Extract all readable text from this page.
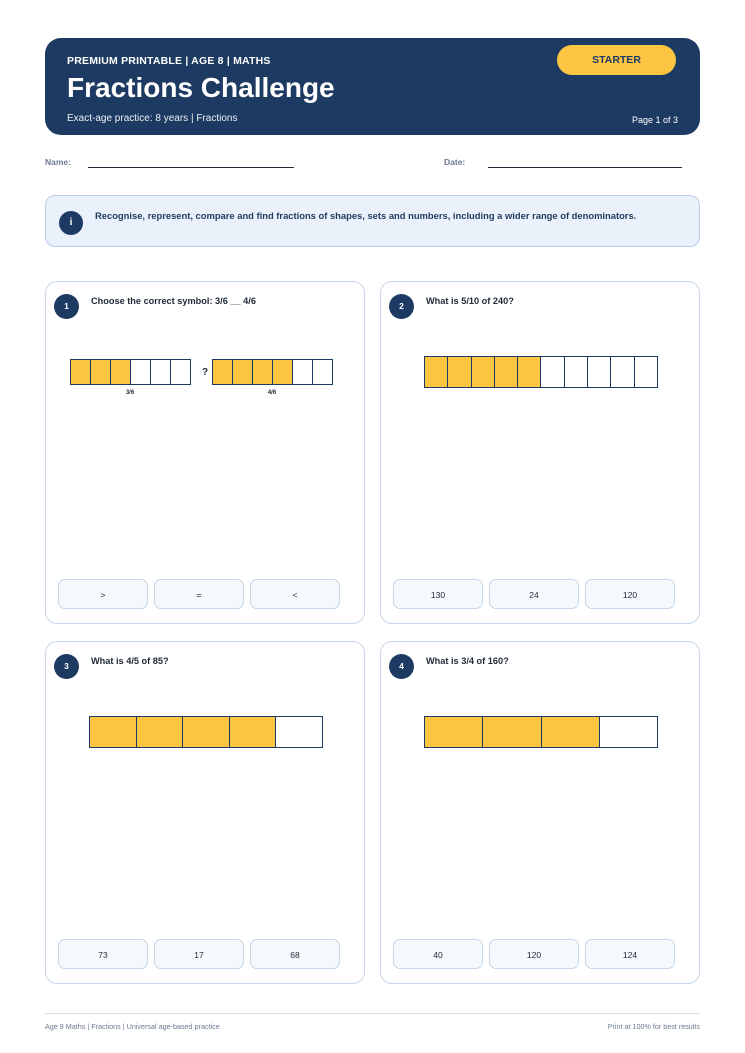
PREMIUM PRINTABLE | AGE 8 | MATHS
Fractions Challenge
Exact-age practice: 8 years | Fractions	Page 1 of 3
STARTER
Name:	Date:
i
Recognise, represent, compare and find fractions of shapes, sets and numbers, including a wider range of denominators.
1	Choose the correct symbol: 3/6 __ 4/6
3/6
?
4/6
>	=	<
2	What is 5/10 of 240?
130	24	120
3	What is 4/5 of 85?
73	17	68
4	What is 3/4 of 160?
40	120	124
Age 8 Maths | Fractions | Universal age-based practice	Print at 100% for best results
